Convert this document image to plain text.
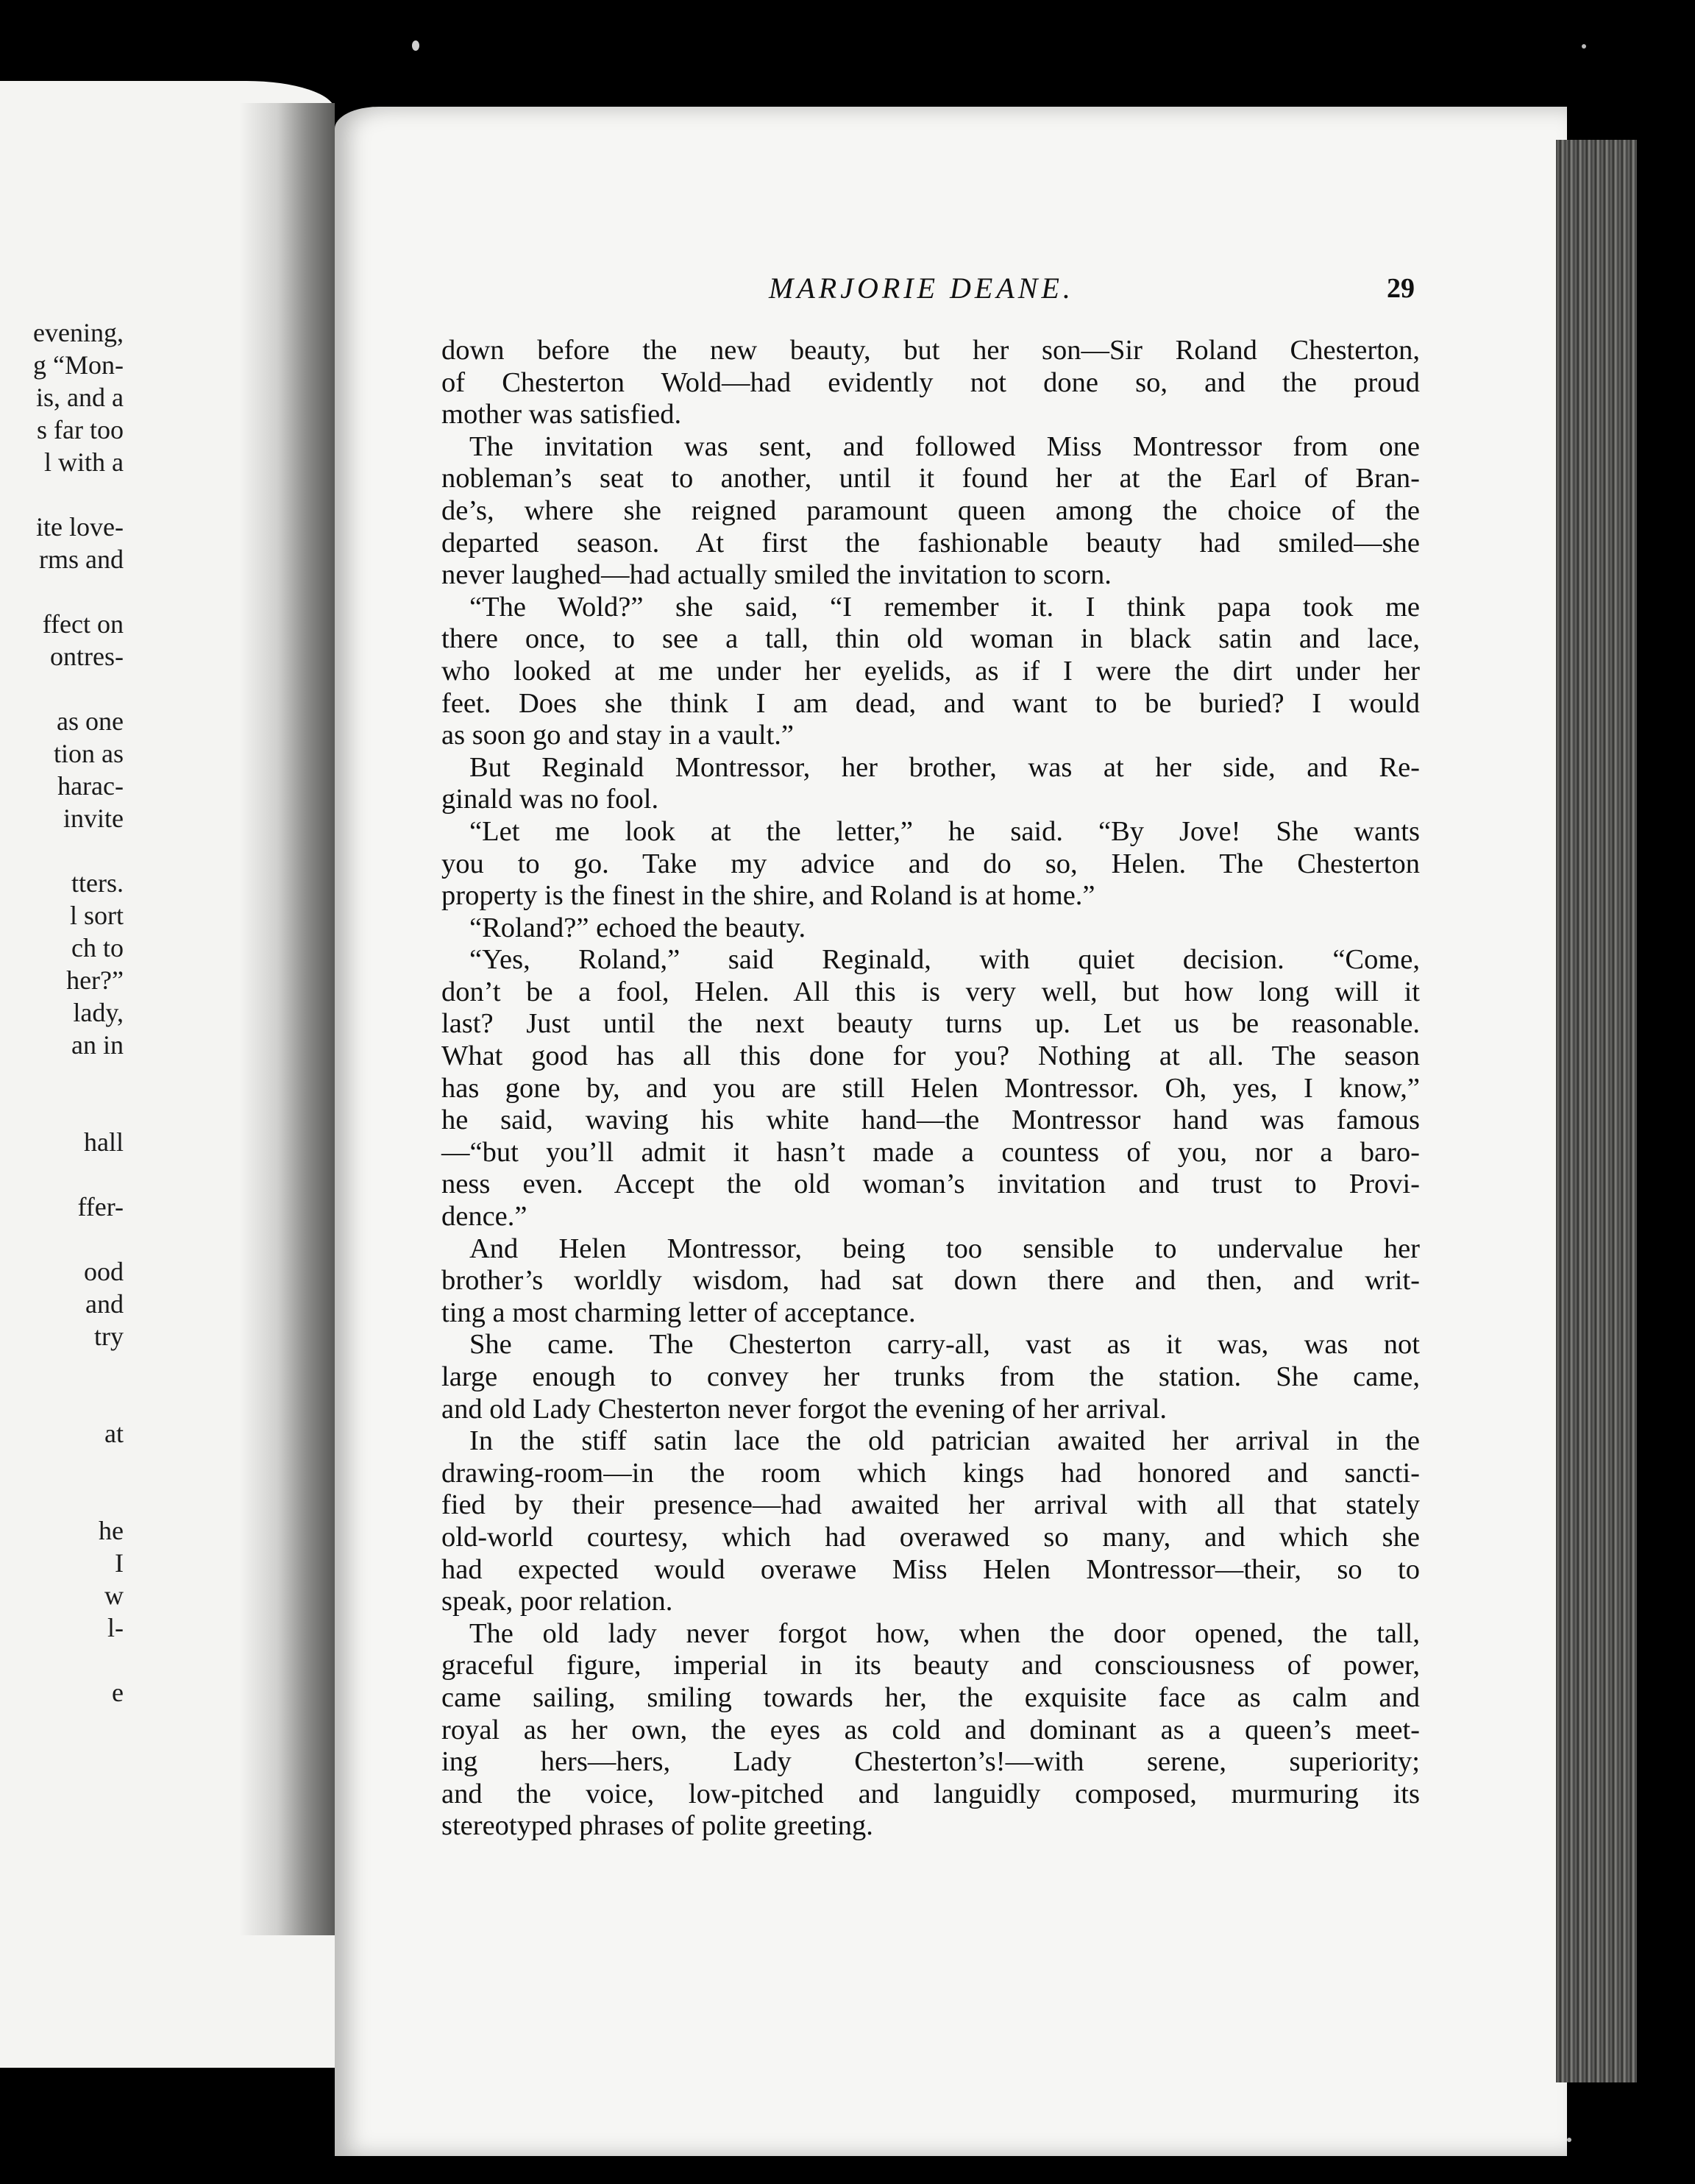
evening,
g “Mon-
is, and a
s far too
l with a

ite love-
rms and

ffect on
ontres-

as one
tion as
harac-
invite

tters.
l sort
ch to
her?”
lady,
an in

hall

ffer-

ood
and
try

at

he
I
w
l-

e
MARJORIE DEANE.	29
down before the new beauty, but her son—Sir Roland Chesterton,
of Chesterton Wold—had evidently not done so, and the proud
mother was satisfied.
The invitation was sent, and followed Miss Montressor from one
nobleman’s seat to another, until it found her at the Earl of Bran-
de’s, where she reigned paramount queen among the choice of the
departed season. At first the fashionable beauty had smiled—she
never laughed—had actually smiled the invitation to scorn.
“The Wold?” she said, “I remember it. I think papa took me
there once, to see a tall, thin old woman in black satin and lace,
who looked at me under her eyelids, as if I were the dirt under her
feet. Does she think I am dead, and want to be buried? I would
as soon go and stay in a vault.”
But Reginald Montressor, her brother, was at her side, and Re-
ginald was no fool.
“Let me look at the letter,” he said. “By Jove! She wants
you to go. Take my advice and do so, Helen. The Chesterton
property is the finest in the shire, and Roland is at home.”
“Roland?” echoed the beauty.
“Yes, Roland,” said Reginald, with quiet decision. “Come,
don’t be a fool, Helen. All this is very well, but how long will it
last? Just until the next beauty turns up. Let us be reasonable.
What good has all this done for you? Nothing at all. The season
has gone by, and you are still Helen Montressor. Oh, yes, I know,”
he said, waving his white hand—the Montressor hand was famous
—“but you’ll admit it hasn’t made a countess of you, nor a baro-
ness even. Accept the old woman’s invitation and trust to Provi-
dence.”
And Helen Montressor, being too sensible to undervalue her
brother’s worldly wisdom, had sat down there and then, and writ-
ting a most charming letter of acceptance.
She came. The Chesterton carry-all, vast as it was, was not
large enough to convey her trunks from the station. She came,
and old Lady Chesterton never forgot the evening of her arrival.
In the stiff satin lace the old patrician awaited her arrival in the
drawing-room—in the room which kings had honored and sancti-
fied by their presence—had awaited her arrival with all that stately
old-world courtesy, which had overawed so many, and which she
had expected would overawe Miss Helen Montressor—their, so to
speak, poor relation.
The old lady never forgot how, when the door opened, the tall,
graceful figure, imperial in its beauty and consciousness of power,
came sailing, smiling towards her, the exquisite face as calm and
royal as her own, the eyes as cold and dominant as a queen’s meet-
ing hers—hers, Lady Chesterton’s!—with serene, superiority;
and the voice, low-pitched and languidly composed, murmuring its
stereotyped phrases of polite greeting.
